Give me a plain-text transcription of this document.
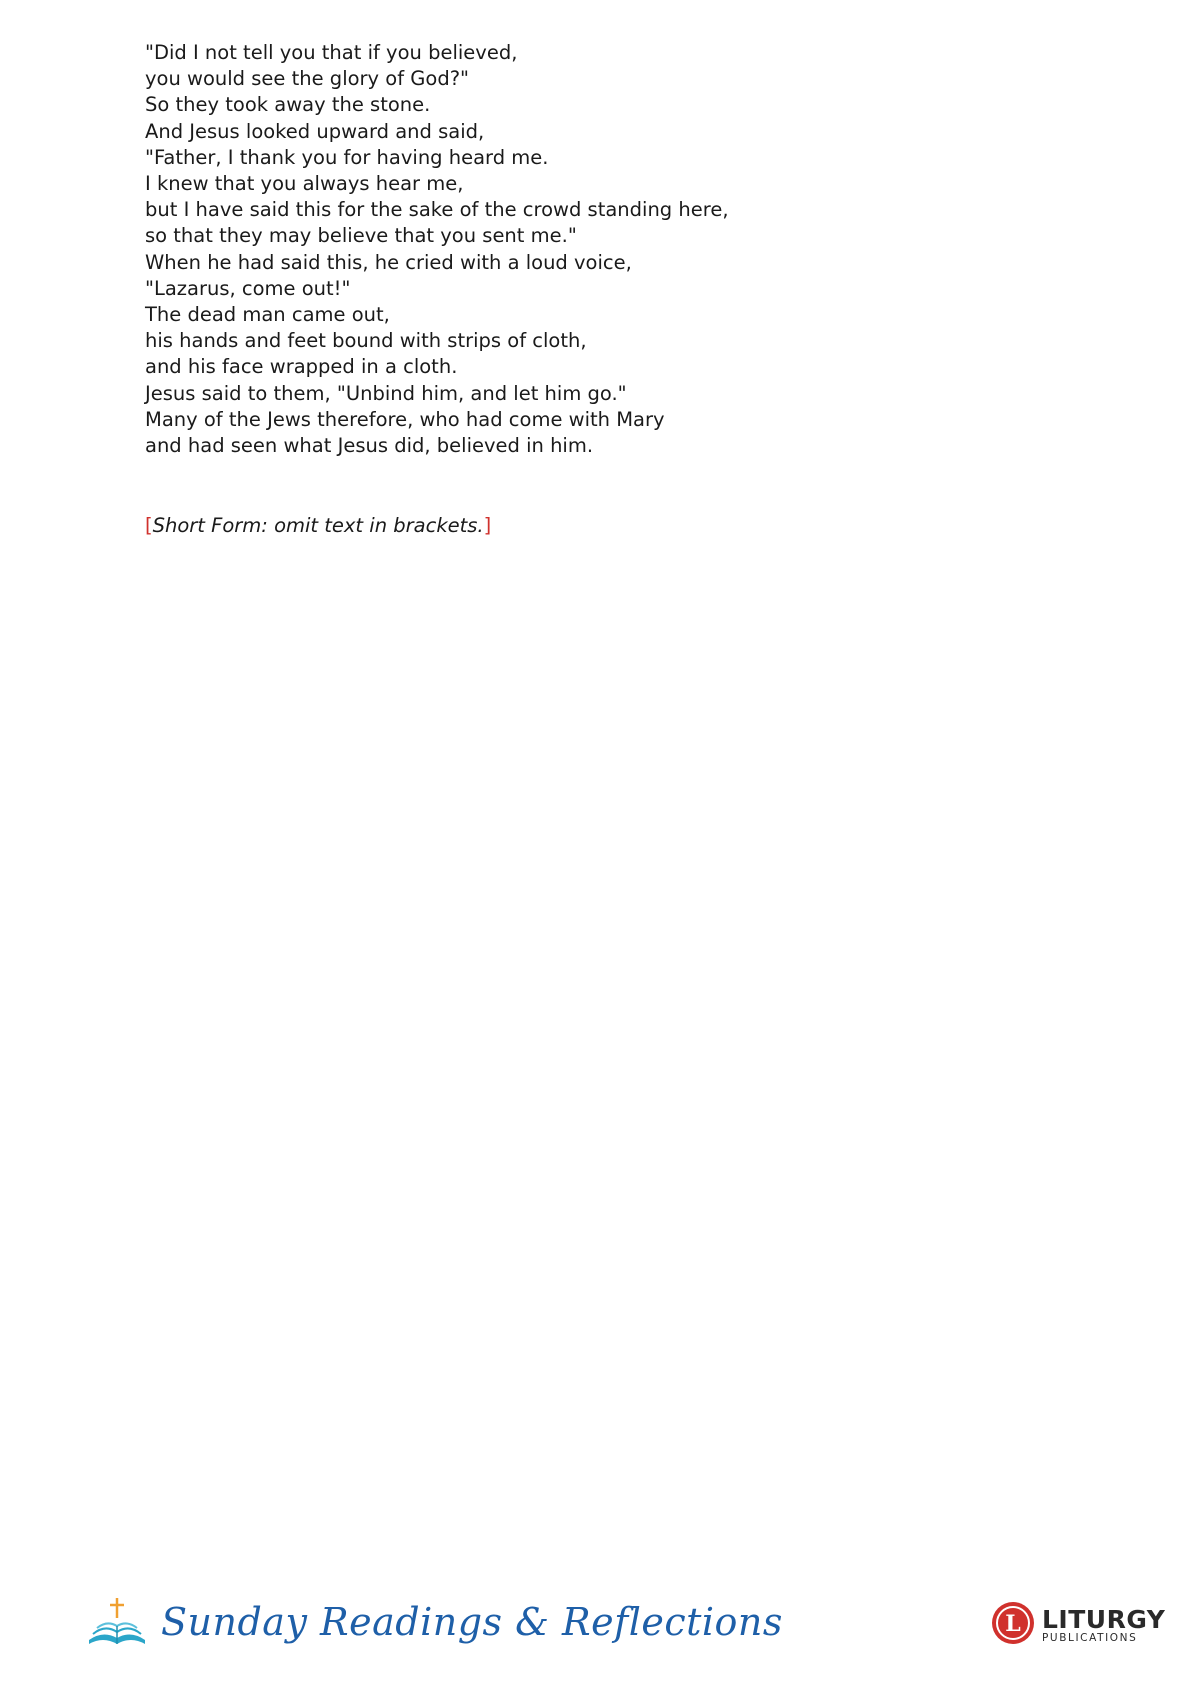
"Did I not tell you that if you believed,
you would see the glory of God?"
So they took away the stone.
And Jesus looked upward and said,
"Father, I thank you for having heard me.
I knew that you always hear me,
but I have said this for the sake of the crowd standing here,
so that they may believe that you sent me."
When he had said this, he cried with a loud voice,
"Lazarus, come out!"
The dead man came out,
his hands and feet bound with strips of cloth,
and his face wrapped in a cloth.
Jesus said to them, "Unbind him, and let him go."
Many of the Jews therefore, who had come with Mary
and had seen what Jesus did, believed in him.
[Short Form: omit text in brackets.]
Sunday Readings & Reflections	L LITURGY
PUBLICATIONS
